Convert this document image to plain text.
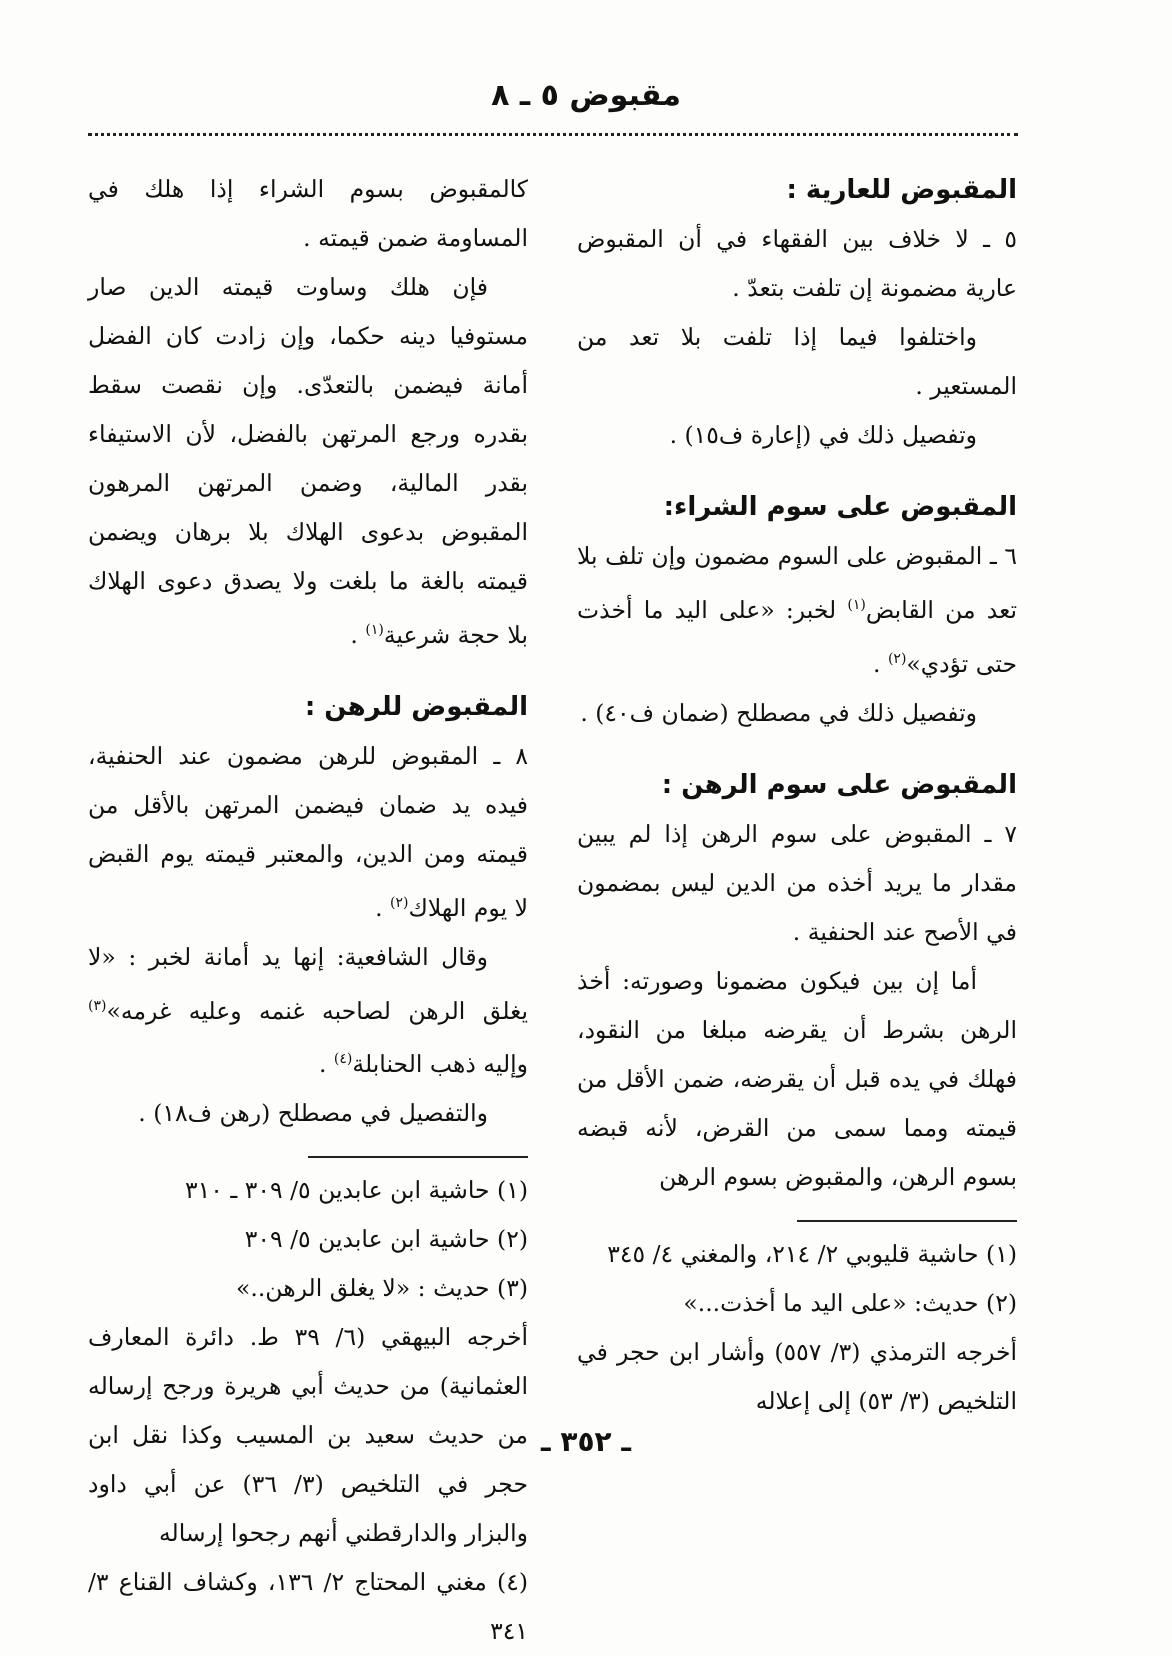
مقبوض ٥ ـ ٨
المقبوض للعارية :

٥ ـ لا خلاف بين الفقهاء في أن المقبوض عارية مضمونة إن تلفت بتعدّ .

واختلفوا فيما إذا تلفت بلا تعد من المستعير .

وتفصيل ذلك في (إعارة ف١٥) .

المقبوض على سوم الشراء:

٦ ـ المقبوض على السوم مضمون وإن تلف بلا تعد من القابض$^{(١)}$ لخبر: «على اليد ما أخذت حتى تؤدي»$^{(٢)}$ .

وتفصيل ذلك في مصطلح (ضمان ف٤٠) .

المقبوض على سوم الرهن :

٧ ـ المقبوض على سوم الرهن إذا لم يبين مقدار ما يريد أخذه من الدين ليس بمضمون في الأصح عند الحنفية .

أما إن بين فيكون مضمونا وصورته: أخذ الرهن بشرط أن يقرضه مبلغا من النقود، فهلك في يده قبل أن يقرضه، ضمن الأقل من قيمته ومما سمى من القرض، لأنه قبضه بسوم الرهن، والمقبوض بسوم الرهن

(١) حاشية قليوبي ٢/ ٢١٤، والمغني ٤/ ٣٤٥

(٢) حديث: «على اليد ما أخذت...»

أخرجه الترمذي (٣/ ٥٥٧) وأشار ابن حجر في التلخيص (٣/ ٥٣) إلى إعلاله

كالمقبوض بسوم الشراء إذا هلك في المساومة ضمن قيمته .

فإن هلك وساوت قيمته الدين صار مستوفيا دينه حكما، وإن زادت كان الفضل أمانة فيضمن بالتعدّى. وإن نقصت سقط بقدره ورجع المرتهن بالفضل، لأن الاستيفاء بقدر المالية، وضمن المرتهن المرهون المقبوض بدعوى الهلاك بلا برهان ويضمن قيمته بالغة ما بلغت ولا يصدق دعوى الهلاك بلا حجة شرعية$^{(١)}$ .

المقبوض للرهن :

٨ ـ المقبوض للرهن مضمون عند الحنفية، فيده يد ضمان فيضمن المرتهن بالأقل من قيمته ومن الدين، والمعتبر قيمته يوم القبض لا يوم الهلاك$^{(٢)}$ .

وقال الشافعية: إنها يد أمانة لخبر : «لا يغلق الرهن لصاحبه غنمه وعليه غرمه»$^{(٣)}$ وإليه ذهب الحنابلة$^{(٤)}$ .

والتفصيل في مصطلح (رهن ف١٨) .

(١) حاشية ابن عابدين ٥/ ٣٠٩ ـ ٣١٠

(٢) حاشية ابن عابدين ٥/ ٣٠٩

(٣) حديث : «لا يغلق الرهن..»

أخرجه البيهقي (٦/ ٣٩ ط. دائرة المعارف العثمانية) من حديث أبي هريرة ورجح إرساله من حديث سعيد بن المسيب وكذا نقل ابن حجر في التلخيص (٣/ ٣٦) عن أبي داود والبزار والدارقطني أنهم رجحوا إرساله

(٤) مغني المحتاج ٢/ ١٣٦، وكشاف القناع ٣/ ٣٤١

ـ ٣٥٢ ـ
